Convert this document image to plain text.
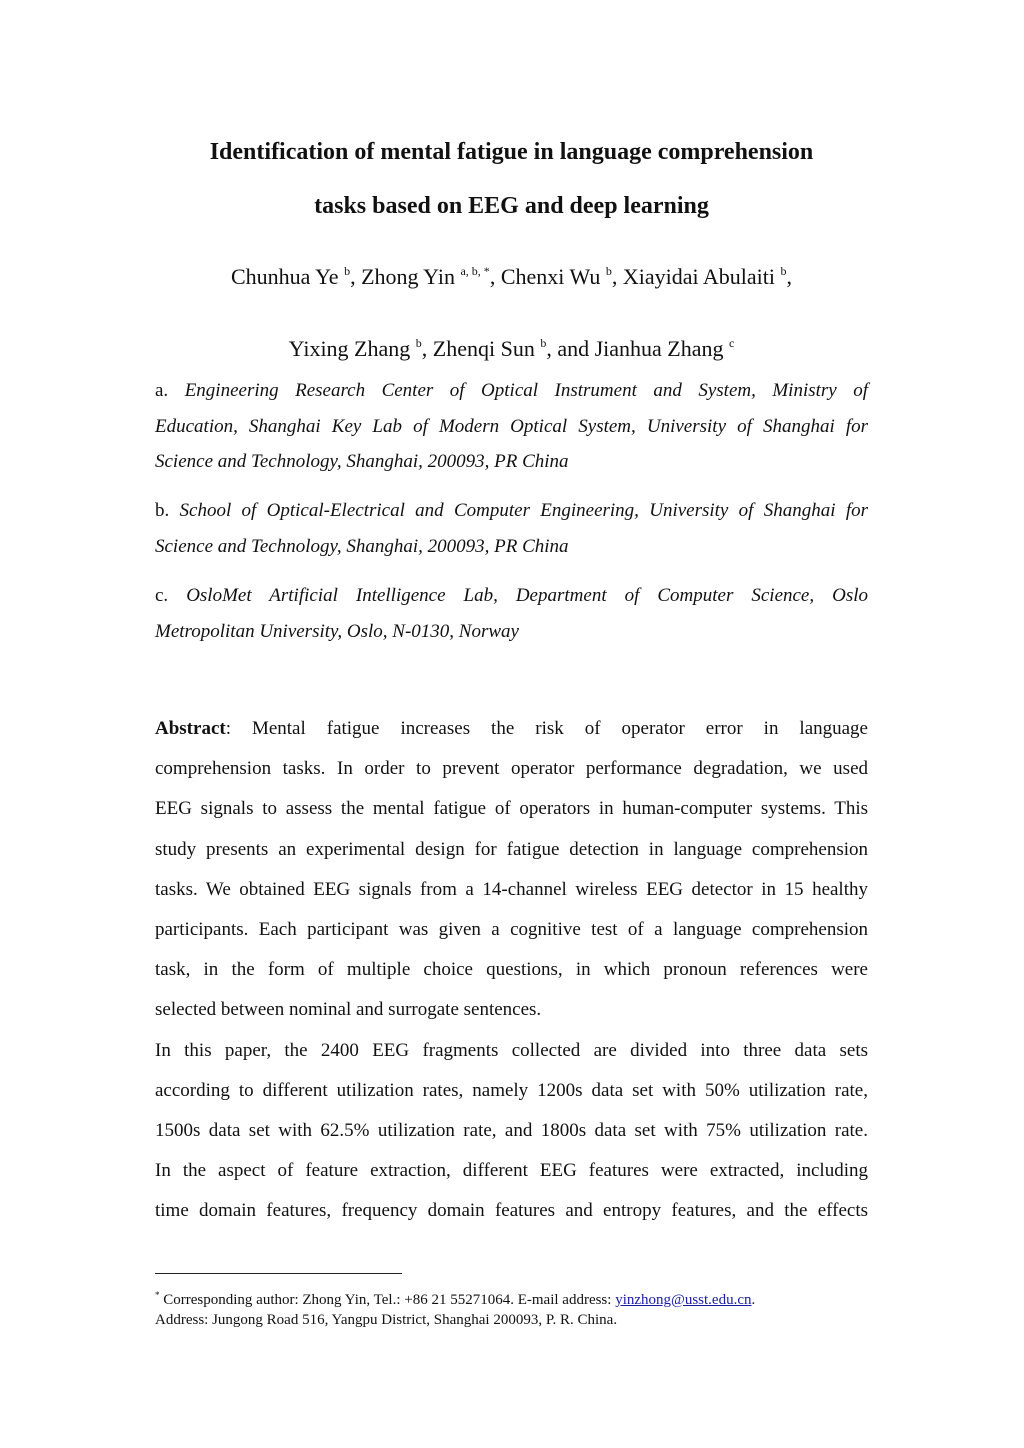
Identification of mental fatigue in language comprehension
tasks based on EEG and deep learning
Chunhua Ye $^b$, Zhong Yin $^{a, b, *}$, Chenxi Wu $^b$, Xiayidai Abulaiti $^b$,
Yixing Zhang $^b$, Zhenqi Sun $^b$, and Jianhua Zhang $^c$
a. Engineering Research Center of Optical Instrument and System, Ministry of
Education, Shanghai Key Lab of Modern Optical System, University of Shanghai for
Science and Technology, Shanghai, 200093, PR China
b. School of Optical-Electrical and Computer Engineering, University of Shanghai for
Science and Technology, Shanghai, 200093, PR China
c. OsloMet Artificial Intelligence Lab, Department of Computer Science, Oslo
Metropolitan University, Oslo, N-0130, Norway
Abstract: Mental fatigue increases the risk of operator error in language
comprehension tasks. In order to prevent operator performance degradation, we used
EEG signals to assess the mental fatigue of operators in human-computer systems. This
study presents an experimental design for fatigue detection in language comprehension
tasks. We obtained EEG signals from a 14-channel wireless EEG detector in 15 healthy
participants. Each participant was given a cognitive test of a language comprehension
task, in the form of multiple choice questions, in which pronoun references were
selected between nominal and surrogate sentences.
In this paper, the 2400 EEG fragments collected are divided into three data sets
according to different utilization rates, namely 1200s data set with 50% utilization rate,
1500s data set with 62.5% utilization rate, and 1800s data set with 75% utilization rate.
In the aspect of feature extraction, different EEG features were extracted, including
time domain features, frequency domain features and entropy features, and the effects
* Corresponding author: Zhong Yin, Tel.: +86 21 55271064. E-mail address: yinzhong@usst.edu.cn.
Address: Jungong Road 516, Yangpu District, Shanghai 200093, P. R. China.
